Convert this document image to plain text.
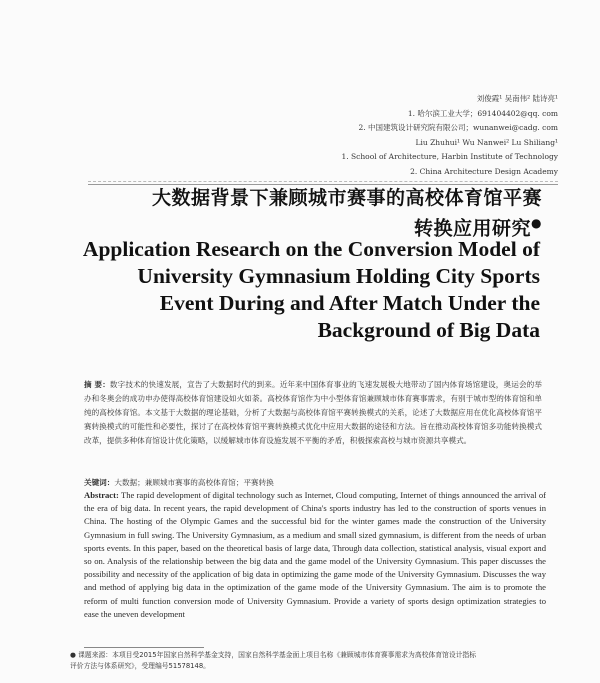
刘俊霞¹ 吴南伟² 陆诗亮¹
1. 哈尔滨工业大学；691404402@qq. com
2. 中国建筑设计研究院有限公司；wunanwei@cadg. com
Liu Zhuhui¹ Wu Nanwei² Lu Shiliang¹
1. School of Architecture, Harbin Institute of Technology
2. China Architecture Design Academy
大数据背景下兼顾城市赛事的高校体育馆平赛
转换应用研究●
Application Research on the Conversion Model of
University Gymnasium Holding City Sports
Event During and After Match Under the
Background of Big Data
摘 要：数字技术的快速发展，宣告了大数据时代的到来。近年来中国体育事业的飞速发展极大地带动了国内体育场馆建设，奥运会的举办和冬奥会的成功申办使得高校体育馆建设如火如荼。高校体育馆作为中小型体育馆兼顾城市体育赛事需求，有别于城市型的体育馆和单纯的高校体育馆。本文基于大数据的理论基础，分析了大数据与高校体育馆平赛转换模式的关系，论述了大数据应用在优化高校体育馆平赛转换模式的可能性和必要性，探讨了在高校体育馆平赛转换模式优化中应用大数据的途径和方法。旨在推动高校体育馆多功能转换模式改革，提供多种体育馆设计优化策略，以缓解城市体育设施发展不平衡的矛盾，积极探索高校与城市资源共享模式。
关键词：大数据；兼顾城市赛事的高校体育馆；平赛转换
Abstract: The rapid development of digital technology such as Internet, Cloud computing, Internet of things announced the arrival of the era of big data. In recent years, the rapid development of China's sports industry has led to the construction of sports venues in China. The hosting of the Olympic Games and the successful bid for the winter games made the construction of the University Gymnasium in full swing. The University Gymnasium, as a medium and small sized gymnasium, is different from the needs of urban sports events. In this paper, based on the theoretical basis of large data, Through data collection, statistical analysis, visual export and so on. Analysis of the relationship between the big data and the game model of the University Gymnasium. This paper discusses the possibility and necessity of the application of big data in optimizing the game mode of the University Gymnasium. Discusses the way and method of applying big data in the optimization of the game mode of the University Gymnasium. The aim is to promote the reform of multi function conversion mode of University Gymnasium. Provide a variety of sports design optimization strategies to ease the uneven development
● 课题来源：本项目受2015年国家自然科学基金支持，国家自然科学基金面上项目名称《兼顾城市体育赛事需求为高校体育馆设计指标
评价方法与体系研究》，受理编号51578148。
